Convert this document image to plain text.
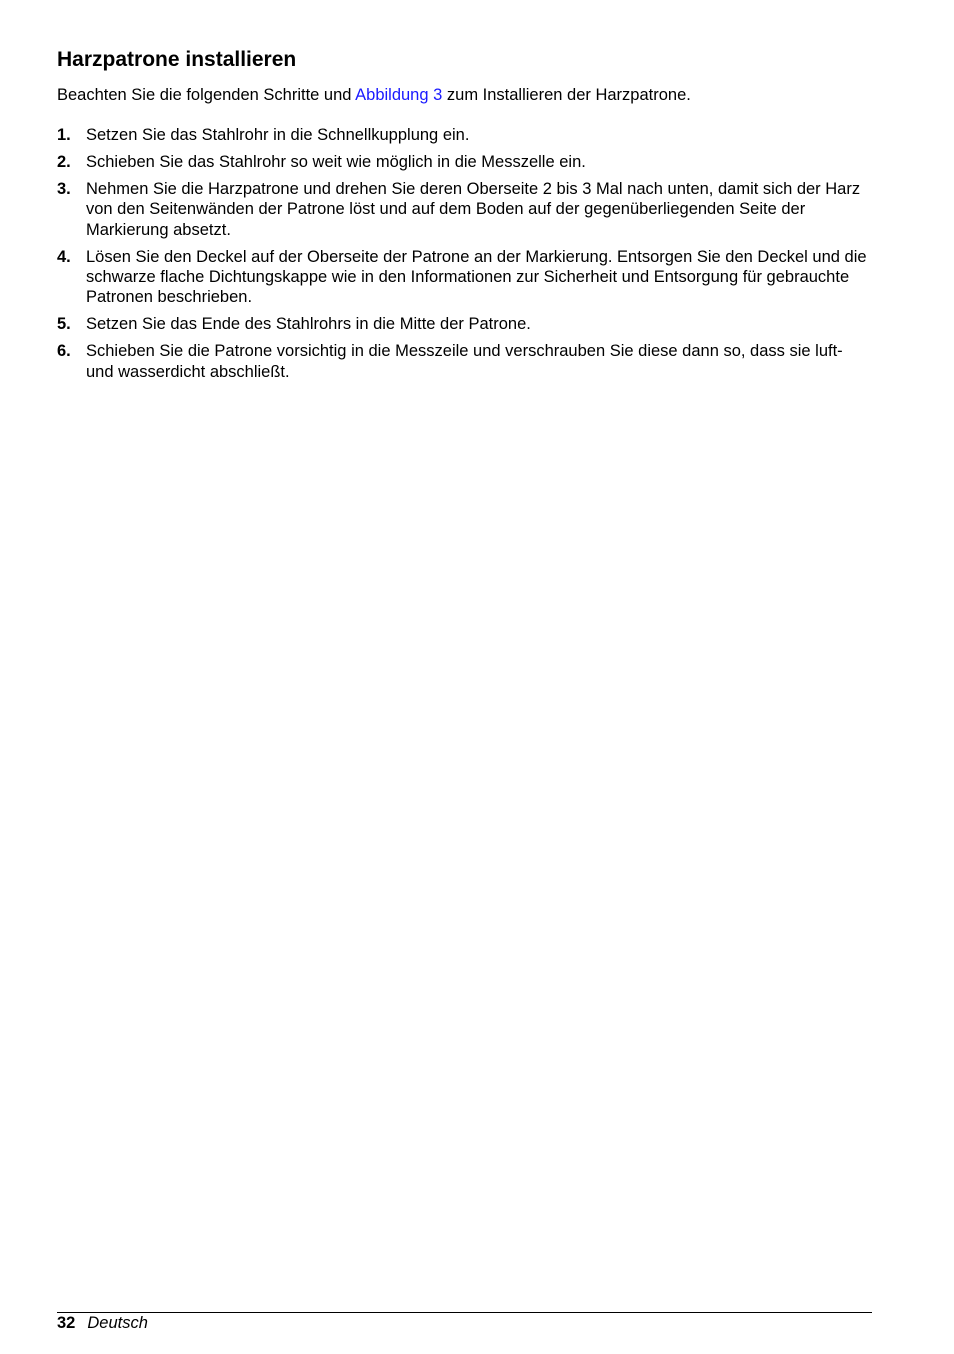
Harzpatrone installieren

Beachten Sie die folgenden Schritte und Abbildung 3 zum Installieren der Harzpatrone.

1. Setzen Sie das Stahlrohr in die Schnellkupplung ein.
2. Schieben Sie das Stahlrohr so weit wie möglich in die Messzelle ein.
3. Nehmen Sie die Harzpatrone und drehen Sie deren Oberseite 2 bis 3 Mal nach unten, damit sich der Harz von den Seitenwänden der Patrone löst und auf dem Boden auf der gegenüberliegenden Seite der Markierung absetzt.
4. Lösen Sie den Deckel auf der Oberseite der Patrone an der Markierung. Entsorgen Sie den Deckel und die schwarze flache Dichtungskappe wie in den Informationen zur Sicherheit und Entsorgung für gebrauchte Patronen beschrieben.
5. Setzen Sie das Ende des Stahlrohrs in die Mitte der Patrone.
6. Schieben Sie die Patrone vorsichtig in die Messzeile und verschrauben Sie diese dann so, dass sie luft- und wasserdicht abschließt.
32 Deutsch
